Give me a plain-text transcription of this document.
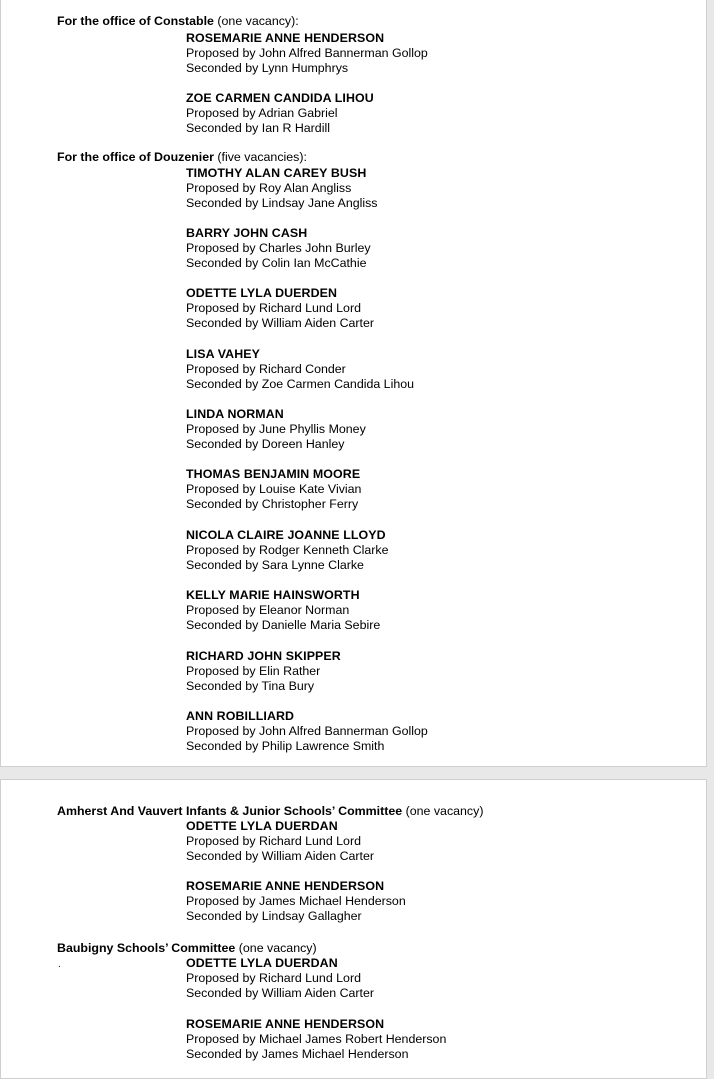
For the office of Constable (one vacancy):
ROSEMARIE ANNE HENDERSON
Proposed by John Alfred Bannerman Gollop
Seconded by Lynn Humphrys
ZOE CARMEN CANDIDA LIHOU
Proposed by Adrian Gabriel
Seconded by Ian R Hardill
For the office of Douzenier (five vacancies):
TIMOTHY ALAN CAREY BUSH
Proposed by Roy Alan Angliss
Seconded by Lindsay Jane Angliss
BARRY JOHN CASH
Proposed by Charles John Burley
Seconded by Colin Ian McCathie
ODETTE LYLA DUERDEN
Proposed by Richard Lund Lord
Seconded by William Aiden Carter
LISA VAHEY
Proposed by Richard Conder
Seconded by Zoe Carmen Candida Lihou
LINDA NORMAN
Proposed by June Phyllis Money
Seconded by Doreen Hanley
THOMAS BENJAMIN MOORE
Proposed by Louise Kate Vivian
Seconded by Christopher Ferry
NICOLA CLAIRE JOANNE LLOYD
Proposed by Rodger Kenneth Clarke
Seconded by Sara Lynne Clarke
KELLY MARIE HAINSWORTH
Proposed by Eleanor Norman
Seconded by Danielle Maria Sebire
RICHARD JOHN SKIPPER
Proposed by Elin Rather
Seconded by Tina Bury
ANN ROBILLIARD
Proposed by John Alfred Bannerman Gollop
Seconded by Philip Lawrence Smith
Amherst And Vauvert Infants & Junior Schools’ Committee (one vacancy)
ODETTE LYLA DUERDAN
Proposed by Richard Lund Lord
Seconded by William Aiden Carter
ROSEMARIE ANNE HENDERSON
Proposed by James Michael Henderson
Seconded by Lindsay Gallagher
Baubigny Schools’ Committee (one vacancy)
ODETTE LYLA DUERDAN
Proposed by Richard Lund Lord
Seconded by William Aiden Carter
ROSEMARIE ANNE HENDERSON
Proposed by Michael James Robert Henderson
Seconded by James Michael Henderson
.
